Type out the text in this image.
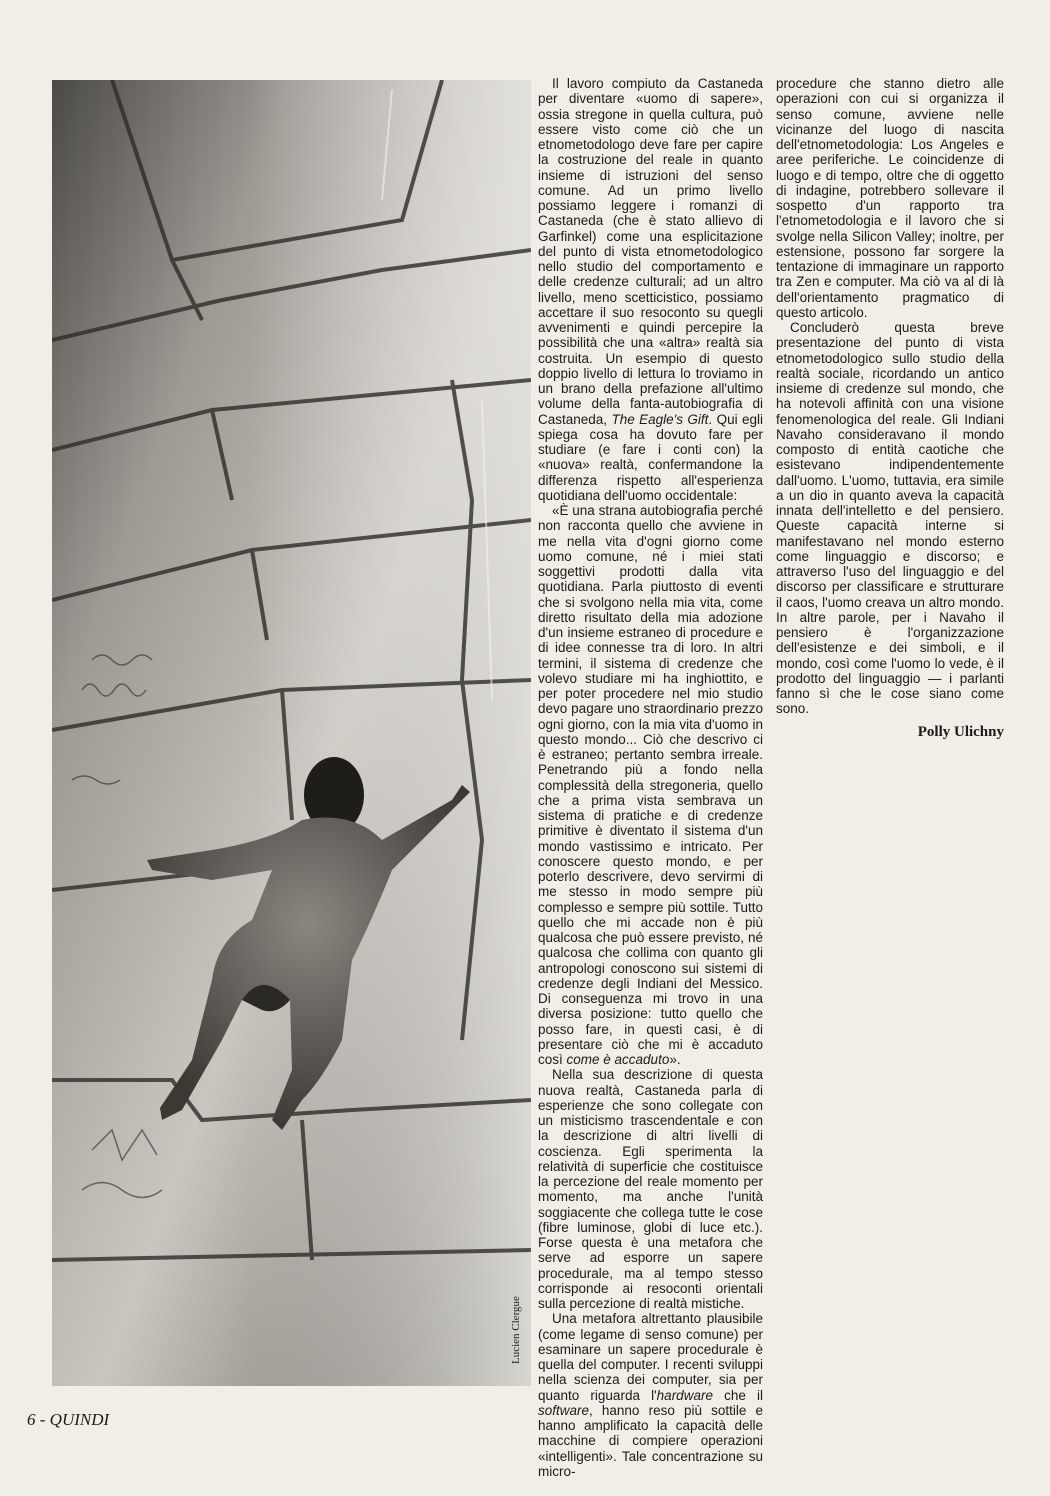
Lucien Clergue

Il lavoro compiuto da Castaneda per diventare «uomo di sapere», ossia stregone in quella cultura, può essere visto come ciò che un etnometodologo deve fare per capire la costruzione del reale in quanto insieme di istruzioni del senso comune. Ad un primo livello possiamo leggere i romanzi di Castaneda (che è stato allievo di Garfinkel) come una esplicitazione del punto di vista etnometodologico nello studio del comportamento e delle credenze culturali; ad un altro livello, meno scetticistico, possiamo accettare il suo resoconto su quegli avvenimenti e quindi percepire la possibilità che una «altra» realtà sia costruita. Un esempio di questo doppio livello di lettura lo troviamo in un brano della prefazione all'ultimo volume della fanta-autobiografia di Castaneda, The Eagle's Gift. Qui egli spiega cosa ha dovuto fare per studiare (e fare i conti con) la «nuova» realtà, confermandone la differenza rispetto all'esperienza quotidiana dell'uomo occidentale:

«È una strana autobiografia perché non racconta quello che avviene in me nella vita d'ogni giorno come uomo comune, né i miei stati soggettivi prodotti dalla vita quotidiana. Parla piuttosto di eventi che si svolgono nella mia vita, come diretto risultato della mia adozione d'un insieme estraneo di procedure e di idee connesse tra di loro. In altri termini, il sistema di credenze che volevo studiare mi ha inghiottito, e per poter procedere nel mio studio devo pagare uno straordinario prezzo ogni giorno, con la mia vita d'uomo in questo mondo... Ciò che descrivo ci è estraneo; pertanto sembra irreale. Penetrando più a fondo nella complessità della stregoneria, quello che a prima vista sembrava un sistema di pratiche e di credenze primitive è diventato il sistema d'un mondo vastissimo e intricato. Per conoscere questo mondo, e per poterlo descrivere, devo servirmi di me stesso in modo sempre più complesso e sempre più sottile. Tutto quello che mi accade non è più qualcosa che può essere previsto, né qualcosa che collima con quanto gli antropologi conoscono sui sistemi di credenze degli Indiani del Messico. Di conseguenza mi trovo in una diversa posizione: tutto quello che posso fare, in questi casi, è di presentare ciò che mi è accaduto così come è accaduto».

Nella sua descrizione di questa nuova realtà, Castaneda parla di esperienze che sono collegate con un misticismo trascendentale e con la descrizione di altri livelli di coscienza. Egli sperimenta la relatività di superficie che costituisce la percezione del reale momento per momento, ma anche l'unità soggiacente che collega tutte le cose (fibre luminose, globi di luce etc.). Forse questa è una metafora che serve ad esporre un sapere procedurale, ma al tempo stesso corrisponde ai resoconti orientali sulla percezione di realtà mistiche.

Una metafora altrettanto plausibile (come legame di senso comune) per esaminare un sapere procedurale è quella del computer. I recenti sviluppi nella scienza dei computer, sia per quanto riguarda l'hardware che il software, hanno reso più sottile e hanno amplificato la capacità delle macchine di compiere operazioni «intelligenti». Tale concentrazione su micro-

procedure che stanno dietro alle operazioni con cui si organizza il senso comune, avviene nelle vicinanze del luogo di nascita dell'etnometodologia: Los Angeles e aree periferiche. Le coincidenze di luogo e di tempo, oltre che di oggetto di indagine, potrebbero sollevare il sospetto d'un rapporto tra l'etnometodologia e il lavoro che si svolge nella Silicon Valley; inoltre, per estensione, possono far sorgere la tentazione di immaginare un rapporto tra Zen e computer. Ma ciò va al di là dell'orientamento pragmatico di questo articolo.

Concluderò questa breve presentazione del punto di vista etnometodologico sullo studio della realtà sociale, ricordando un antico insieme di credenze sul mondo, che ha notevoli affinità con una visione fenomenologica del reale. Gli Indiani Navaho consideravano il mondo composto di entità caotiche che esistevano indipendentemente dall'uomo. L'uomo, tuttavia, era simile a un dio in quanto aveva la capacità innata dell'intelletto e del pensiero. Queste capacità interne si manifestavano nel mondo esterno come linguaggio e discorso; e attraverso l'uso del linguaggio e del discorso per classificare e strutturare il caos, l'uomo creava un altro mondo. In altre parole, per i Navaho il pensiero è l'organizzazione dell'esistenze e dei simboli, e il mondo, così come l'uomo lo vede, è il prodotto del linguaggio — i parlanti fanno sì che le cose siano come sono.

Polly Ulichny
6 - QUINDI
